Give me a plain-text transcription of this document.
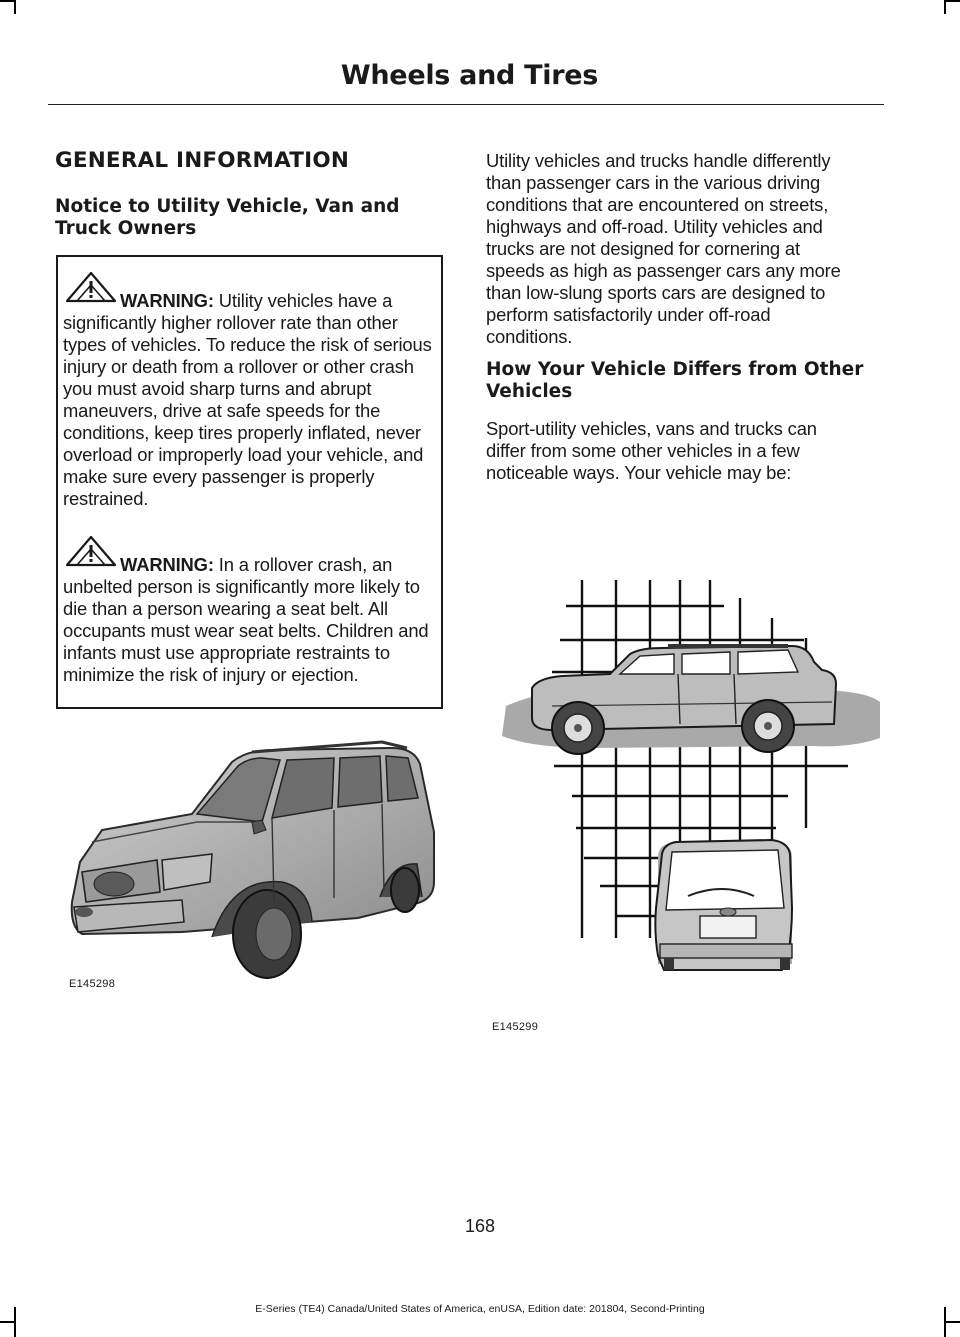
Wheels and Tires
GENERAL INFORMATION
Notice to Utility Vehicle, Van and Truck Owners

WARNING: Utility vehicles have a significantly higher rollover rate than other types of vehicles. To reduce the risk of serious injury or death from a rollover or other crash you must avoid sharp turns and abrupt maneuvers, drive at safe speeds for the conditions, keep tires properly inflated, never overload or improperly load your vehicle, and make sure every passenger is properly restrained.

WARNING: In a rollover crash, an unbelted person is significantly more likely to die than a person wearing a seat belt. All occupants must wear seat belts. Children and infants must use appropriate restraints to minimize the risk of injury or ejection.

E145298

Utility vehicles and trucks handle differently than passenger cars in the various driving conditions that are encountered on streets, highways and off-road. Utility vehicles and trucks are not designed for cornering at speeds as high as passenger cars any more than low-slung sports cars are designed to perform satisfactorily under off-road conditions.

How Your Vehicle Differs from Other Vehicles

Sport-utility vehicles, vans and trucks can differ from some other vehicles in a few noticeable ways. Your vehicle may be:

E145299
168
E-Series (TE4) Canada/United States of America, enUSA, Edition date: 201804, Second-Printing
